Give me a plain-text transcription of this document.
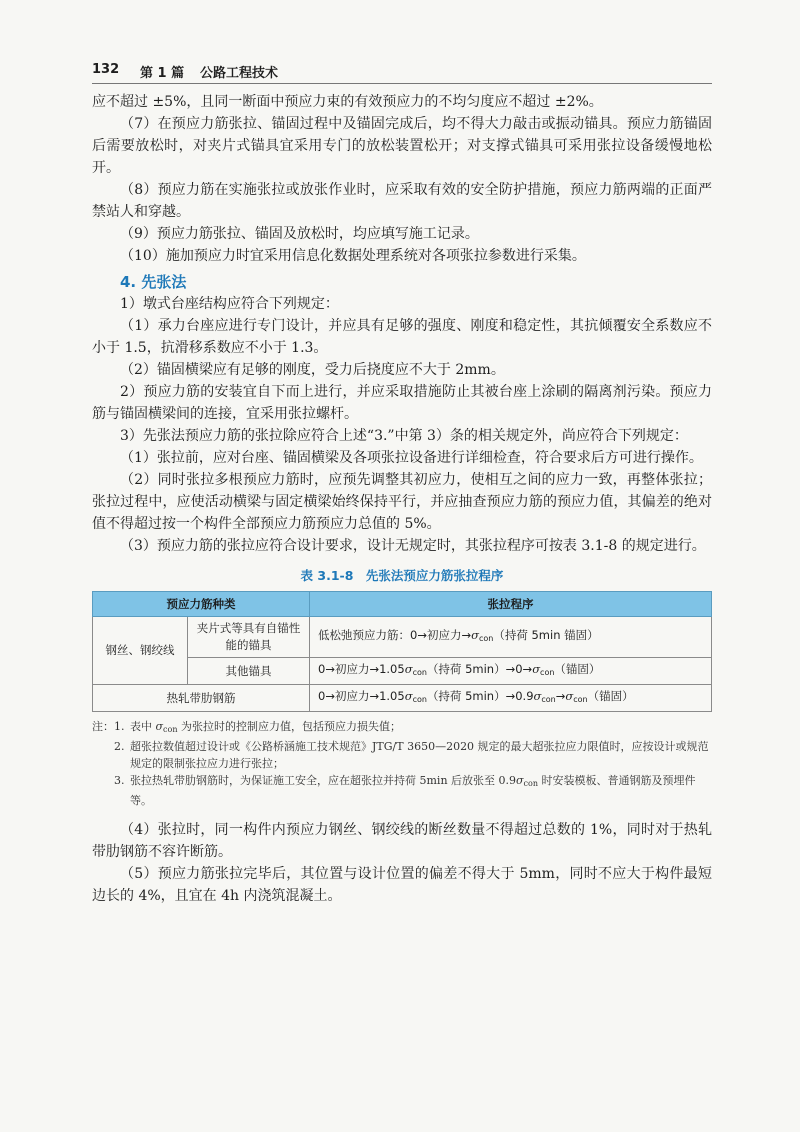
132 第 1 篇 公路工程技术

应不超过 ±5%，且同一断面中预应力束的有效预应力的不均匀度应不超过 ±2%。

（7）在预应力筋张拉、锚固过程中及锚固完成后，均不得大力敲击或振动锚具。预应力筋锚固后需要放松时，对夹片式锚具宜采用专门的放松装置松开；对支撑式锚具可采用张拉设备缓慢地松开。

（8）预应力筋在实施张拉或放张作业时，应采取有效的安全防护措施，预应力筋两端的正面严禁站人和穿越。

（9）预应力筋张拉、锚固及放松时，均应填写施工记录。

（10）施加预应力时宜采用信息化数据处理系统对各项张拉参数进行采集。

4. 先张法

1）墩式台座结构应符合下列规定：

（1）承力台座应进行专门设计，并应具有足够的强度、刚度和稳定性，其抗倾覆安全系数应不小于 1.5，抗滑移系数应不小于 1.3。

（2）锚固横梁应有足够的刚度，受力后挠度应不大于 2mm。

2）预应力筋的安装宜自下而上进行，并应采取措施防止其被台座上涂刷的隔离剂污染。预应力筋与锚固横梁间的连接，宜采用张拉螺杆。

3）先张法预应力筋的张拉除应符合上述“3.”中第 3）条的相关规定外，尚应符合下列规定：

（1）张拉前，应对台座、锚固横梁及各项张拉设备进行详细检查，符合要求后方可进行操作。

（2）同时张拉多根预应力筋时，应预先调整其初应力，使相互之间的应力一致，再整体张拉；张拉过程中，应使活动横梁与固定横梁始终保持平行，并应抽查预应力筋的预应力值，其偏差的绝对值不得超过按一个构件全部预应力筋预应力总值的 5%。

（3）预应力筋的张拉应符合设计要求，设计无规定时，其张拉程序可按表 3.1-8 的规定进行。

表 3.1-8　先张法预应力筋张拉程序
预应力筋种类		张拉程序
钢丝、钢绞线	夹片式等具有自锚性能的锚具	低松弛预应力筋：0→初应力$\to\sigma_{con}$（持荷 5min 锚固）
	其他锚具	0→初应力$\to 1.05\sigma_{con}$（持荷 $5\min)\to 0\to\sigma_{con}$（锚固）
热轧带肋钢筋		0→初应力$\to 1.05\sigma_{con}$（持荷 $5\min)\to 0.9\sigma_{con}\to\sigma_{con}$（锚固）
注： 1. 表中 $\sigma_{con}$ 为张拉时的控制应力值，包括预应力损失值；
2. 超张拉数值超过设计或《公路桥涵施工技术规范》JTG/T 3650—2020 规定的最大超张拉应力限值时，应按设计或规范规定的限制张拉应力进行张拉；
3. 张拉热轧带肋钢筋时，为保证施工安全，应在超张拉并持荷 5min 后放张至 $0.9\sigma_{con}$ 时安装模板、普通钢筋及预埋件等。

（4）张拉时，同一构件内预应力钢丝、钢绞线的断丝数量不得超过总数的 1%，同时对于热轧带肋钢筋不容许断筋。

（5）预应力筋张拉完毕后，其位置与设计位置的偏差不得大于 5mm，同时不应大于构件最短边长的 4%，且宜在 4h 内浇筑混凝土。
